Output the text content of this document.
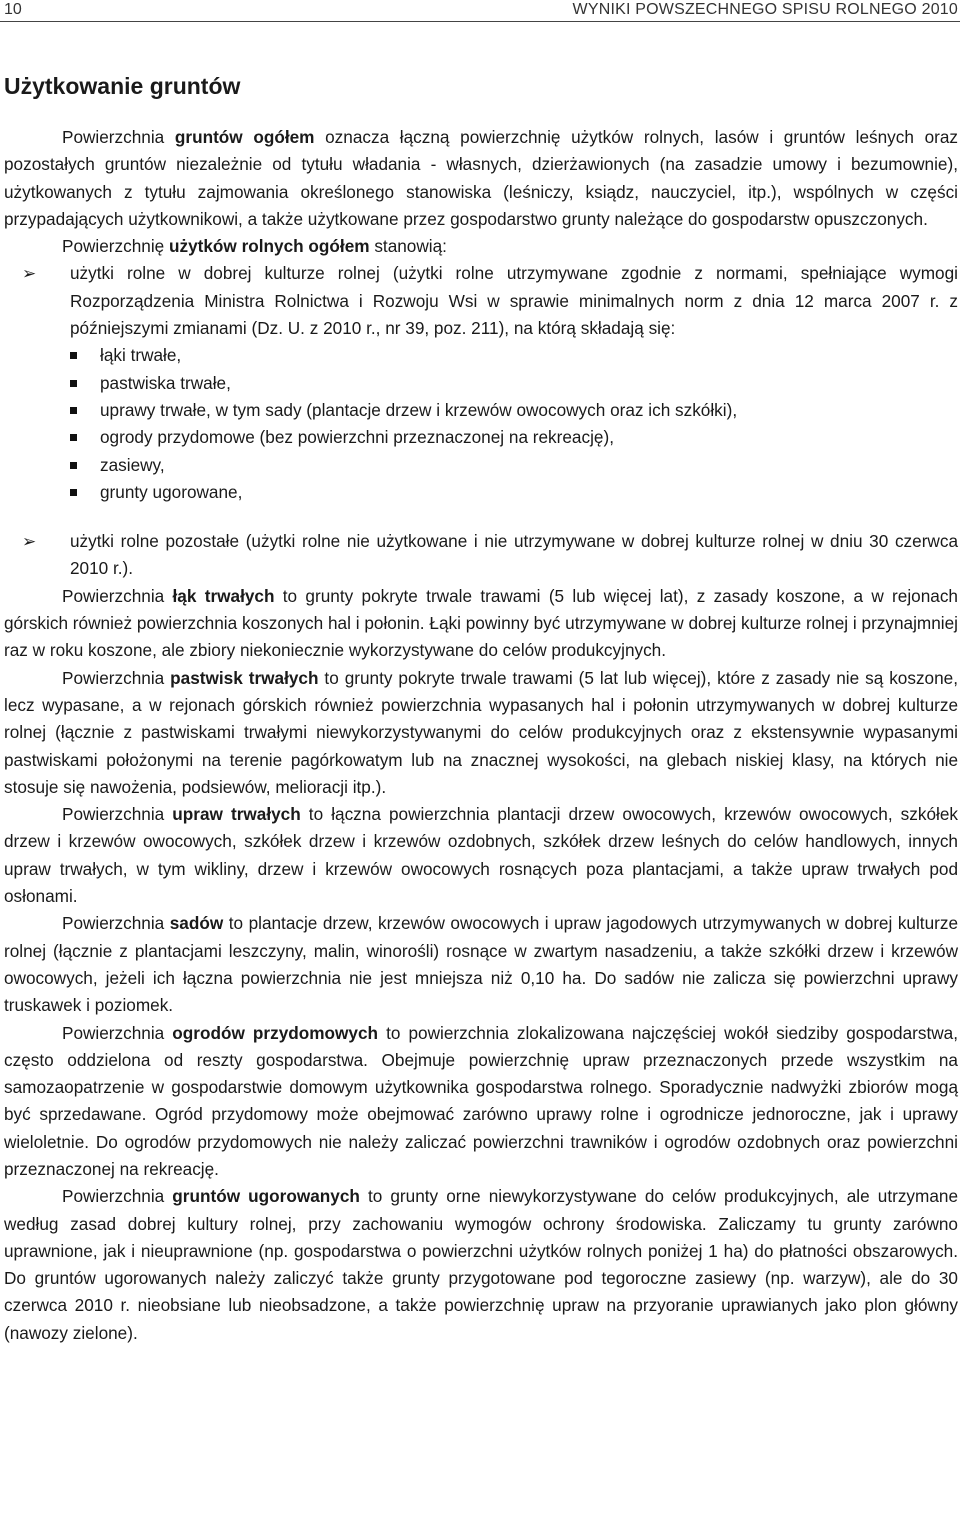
10	WYNIKI POWSZECHNEGO SPISU ROLNEGO 2010
Użytkowanie gruntów

Powierzchnia gruntów ogółem oznacza łączną powierzchnię użytków rolnych, lasów i gruntów leśnych oraz pozostałych gruntów niezależnie od tytułu władania - własnych, dzierżawionych (na zasadzie umowy i bezumownie), użytkowanych z tytułu zajmowania określonego stanowiska (leśniczy, ksiądz, nauczyciel, itp.), wspólnych w części przypadających użytkownikowi, a także użytkowane przez gospodarstwo grunty należące do gospodarstw opuszczonych.

Powierzchnię użytków rolnych ogółem stanowią:

➢ użytki rolne w dobrej kulturze rolnej (użytki rolne utrzymywane zgodnie z normami, spełniające wymogi Rozporządzenia Ministra Rolnictwa i Rozwoju Wsi w sprawie minimalnych norm z dnia 12 marca 2007 r. z późniejszymi zmianami (Dz. U. z 2010 r., nr 39, poz. 211), na którą składają się:
łąki trwałe,
pastwiska trwałe,
uprawy trwałe, w tym sady (plantacje drzew i krzewów owocowych oraz ich szkółki),
ogrody przydomowe (bez powierzchni przeznaczonej na rekreację),
zasiewy,
grunty ugorowane,
➢ użytki rolne pozostałe (użytki rolne nie użytkowane i nie utrzymywane w dobrej kulturze rolnej w dniu 30 czerwca 2010 r.).

Powierzchnia łąk trwałych to grunty pokryte trwale trawami (5 lub więcej lat), z zasady koszone, a w rejonach górskich również powierzchnia koszonych hal i połonin. Łąki powinny być utrzymywane w dobrej kulturze rolnej i przynajmniej raz w roku koszone, ale zbiory niekoniecznie wykorzystywane do celów produkcyjnych.

Powierzchnia pastwisk trwałych to grunty pokryte trwale trawami (5 lat lub więcej), które z zasady nie są koszone, lecz wypasane, a w rejonach górskich również powierzchnia wypasanych hal i połonin utrzymywanych w dobrej kulturze rolnej (łącznie z pastwiskami trwałymi niewykorzystywanymi do celów produkcyjnych oraz z ekstensywnie wypasanymi pastwiskami położonymi na terenie pagórkowatym lub na znacznej wysokości, na glebach niskiej klasy, na których nie stosuje się nawożenia, podsiewów, melioracji itp.).

Powierzchnia upraw trwałych to łączna powierzchnia plantacji drzew owocowych, krzewów owocowych, szkółek drzew i krzewów owocowych, szkółek drzew i krzewów ozdobnych, szkółek drzew leśnych do celów handlowych, innych upraw trwałych, w tym wikliny, drzew i krzewów owocowych rosnących poza plantacjami, a także upraw trwałych pod osłonami.

Powierzchnia sadów to plantacje drzew, krzewów owocowych i upraw jagodowych utrzymywanych w dobrej kulturze rolnej (łącznie z plantacjami leszczyny, malin, winorośli) rosnące w zwartym nasadzeniu, a także szkółki drzew i krzewów owocowych, jeżeli ich łączna powierzchnia nie jest mniejsza niż 0,10 ha. Do sadów nie zalicza się powierzchni uprawy truskawek i poziomek.

Powierzchnia ogrodów przydomowych to powierzchnia zlokalizowana najczęściej wokół siedziby gospodarstwa, często oddzielona od reszty gospodarstwa. Obejmuje powierzchnię upraw przeznaczonych przede wszystkim na samozaopatrzenie w gospodarstwie domowym użytkownika gospodarstwa rolnego. Sporadycznie nadwyżki zbiorów mogą być sprzedawane. Ogród przydomowy może obejmować zarówno uprawy rolne i ogrodnicze jednoroczne, jak i uprawy wieloletnie. Do ogrodów przydomowych nie należy zaliczać powierzchni trawników i ogrodów ozdobnych oraz powierzchni przeznaczonej na rekreację.

Powierzchnia gruntów ugorowanych to grunty orne niewykorzystywane do celów produkcyjnych, ale utrzymane według zasad dobrej kultury rolnej, przy zachowaniu wymogów ochrony środowiska. Zaliczamy tu grunty zarówno uprawnione, jak i nieuprawnione (np. gospodarstwa o powierzchni użytków rolnych poniżej 1 ha) do płatności obszarowych. Do gruntów ugorowanych należy zaliczyć także grunty przygotowane pod tegoroczne zasiewy (np. warzyw), ale do 30 czerwca 2010 r. nieobsiane lub nieobsadzone, a także powierzchnię upraw na przyoranie uprawianych jako plon główny (nawozy zielone).
